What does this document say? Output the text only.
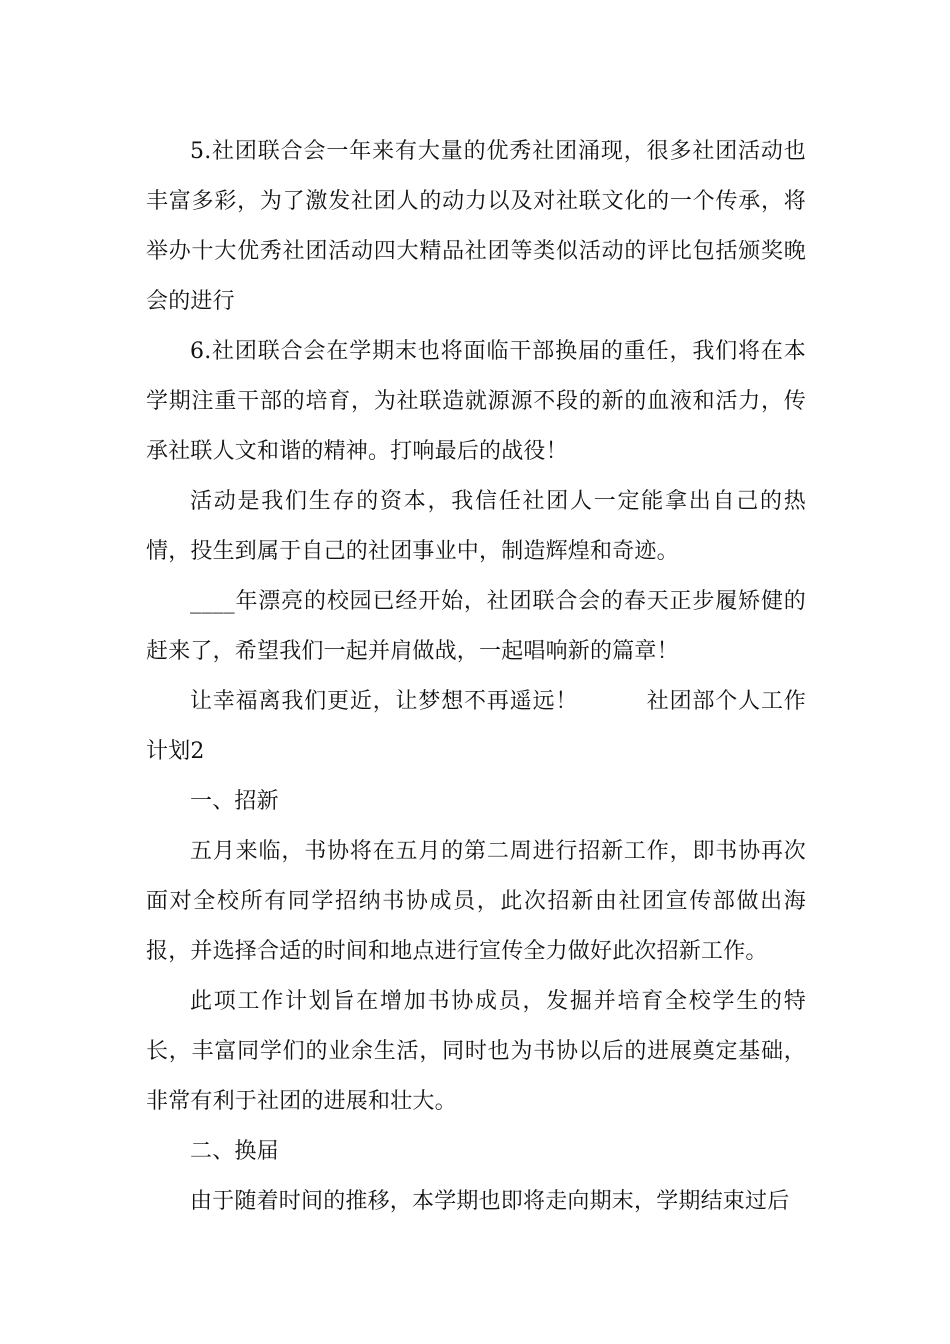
5.社团联合会一年来有大量的优秀社团涌现，很多社团活动也丰富多彩，为了激发社团人的动力以及对社联文化的一个传承，将举办十大优秀社团活动四大精品社团等类似活动的评比包括颁奖晚会的进行

6.社团联合会在学期末也将面临干部换届的重任，我们将在本学期注重干部的培育，为社联造就源源不段的新的血液和活力，传承社联人文和谐的精神。打响最后的战役！

活动是我们生存的资本，我信任社团人一定能拿出自己的热情，投生到属于自己的社团事业中，制造辉煌和奇迹。

____年漂亮的校园已经开始，社团联合会的春天正步履矫健的赶来了，希望我们一起并肩做战，一起唱响新的篇章！

让幸福离我们更近，让梦想不再遥远！　　　社团部个人工作计划2

一、招新

五月来临，书协将在五月的第二周进行招新工作，即书协再次面对全校所有同学招纳书协成员，此次招新由社团宣传部做出海报，并选择合适的时间和地点进行宣传全力做好此次招新工作。

此项工作计划旨在增加书协成员，发掘并培育全校学生的特长，丰富同学们的业余生活，同时也为书协以后的进展奠定基础，非常有利于社团的进展和壮大。

二、换届

由于随着时间的推移，本学期也即将走向期末，学期结束过后
